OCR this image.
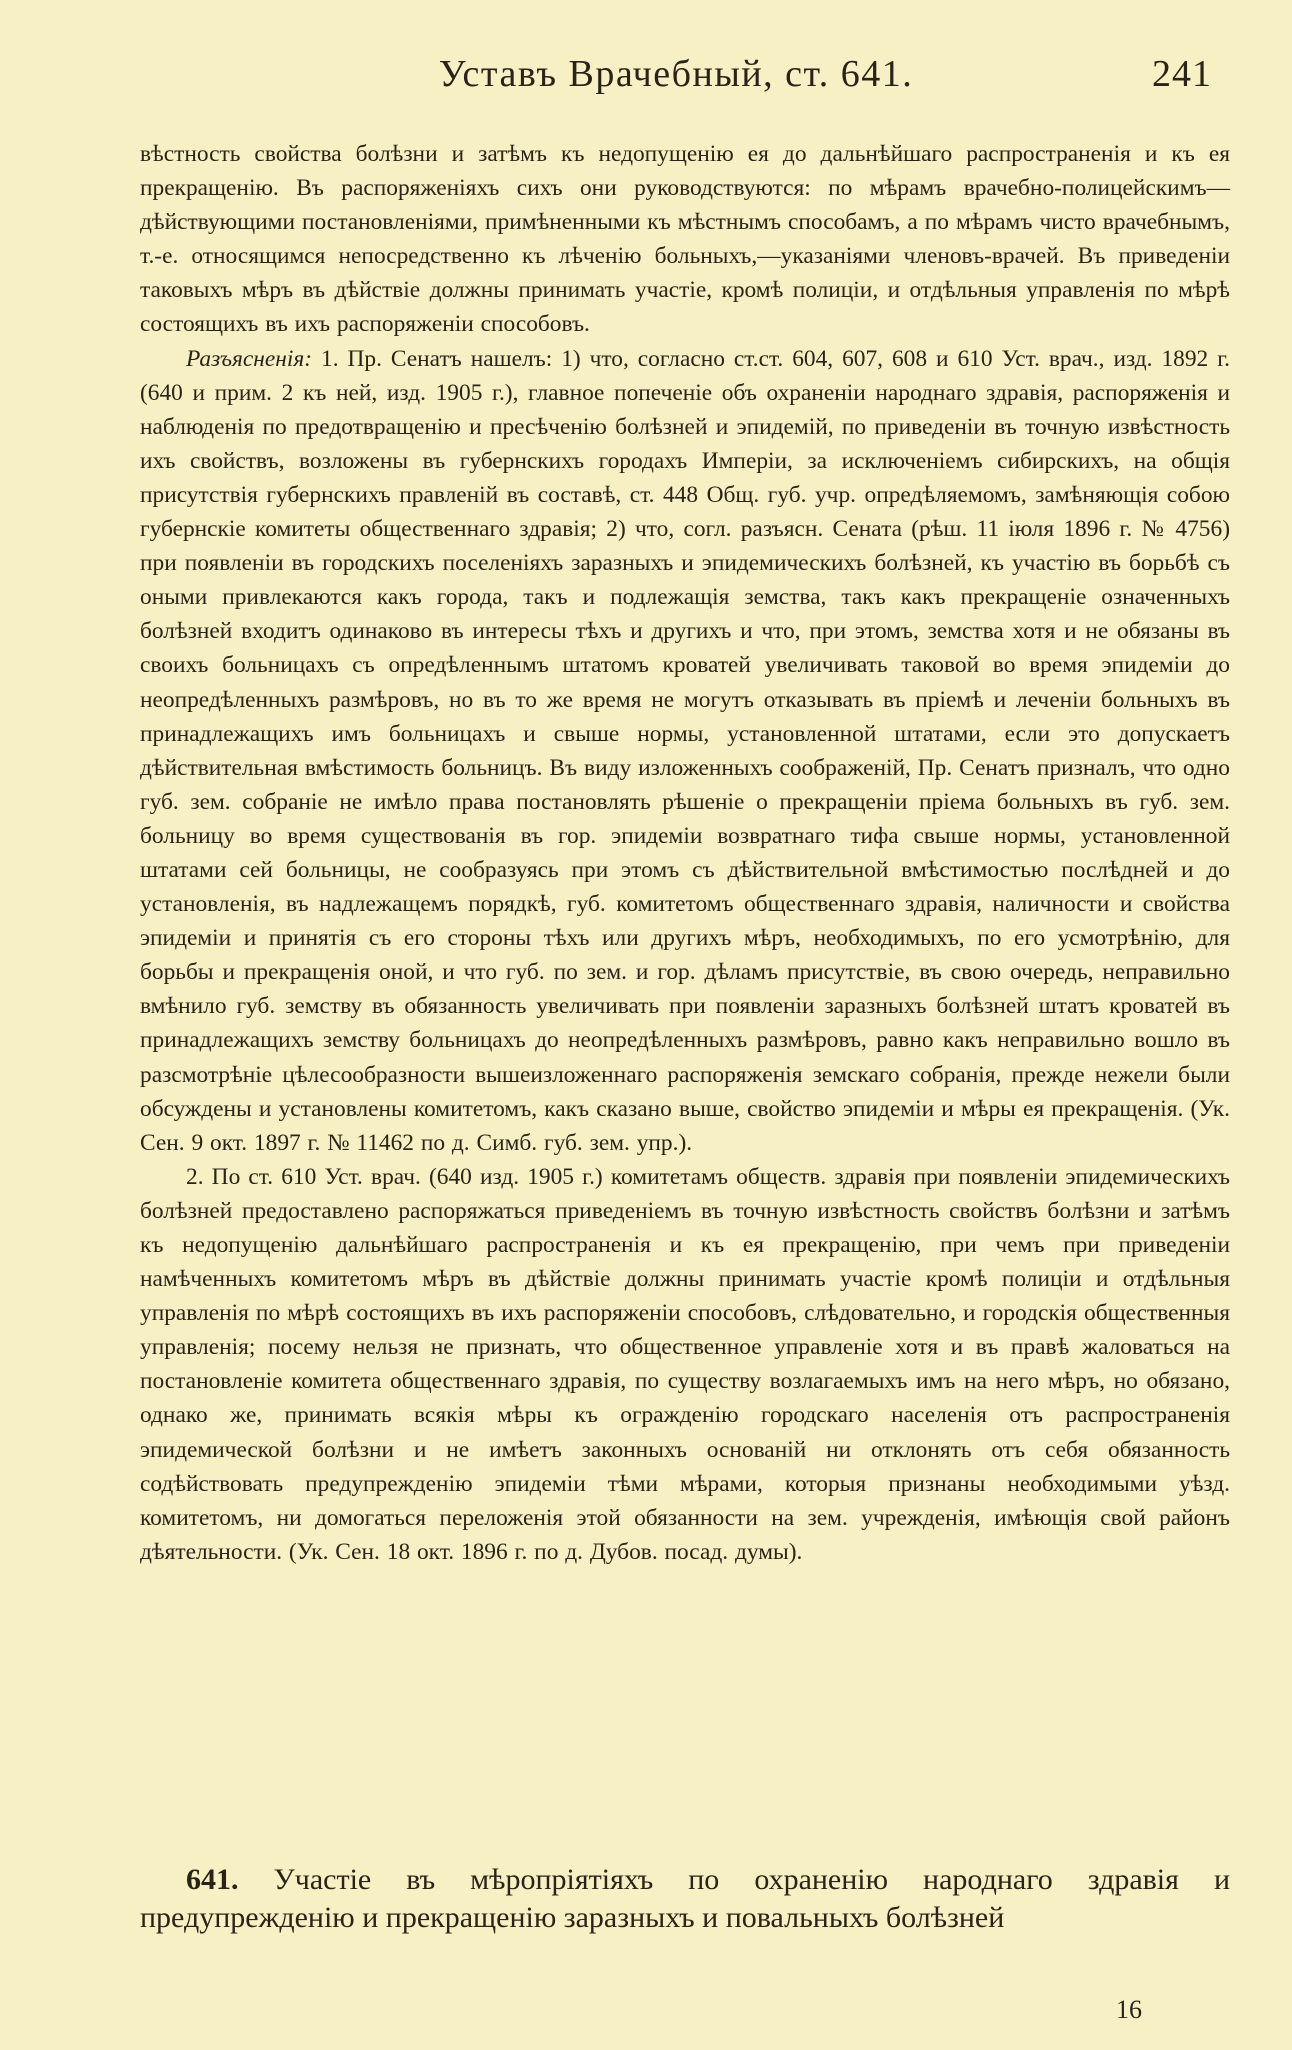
Уставъ Врачебный, ст. 641.	241

вѣстность свойства болѣзни и затѣмъ къ недопущенію ея до дальнѣйшаго распространенія и къ ея прекращенію. Въ распоряженіяхъ сихъ они руководствуются: по мѣрамъ врачебно-полицейскимъ—дѣйствующими постановленіями, примѣненными къ мѣстнымъ способамъ, а по мѣрамъ чисто врачебнымъ, т.-е. относящимся непосредственно къ лѣченію больныхъ,—указаніями членовъ-врачей. Въ приведеніи таковыхъ мѣръ въ дѣйствіе должны принимать участіе, кромѣ полиціи, и отдѣльныя управленія по мѣрѣ состоящихъ въ ихъ распоряженіи способовъ.

Разъясненія: 1. Пр. Сенатъ нашелъ: 1) что, согласно ст.ст. 604, 607, 608 и 610 Уст. врач., изд. 1892 г. (640 и прим. 2 къ ней, изд. 1905 г.), главное попеченіе объ охраненіи народнаго здравія, распоряженія и наблюденія по предотвращенію и пресѣченію болѣзней и эпидемій, по приведеніи въ точную извѣстность ихъ свойствъ, возложены въ губернскихъ городахъ Имперіи, за исключеніемъ сибирскихъ, на общія присутствія губернскихъ правленій въ составѣ, ст. 448 Общ. губ. учр. опредѣляемомъ, замѣняющія собою губернскіе комитеты общественнаго здравія; 2) что, согл. разъясн. Сената (рѣш. 11 іюля 1896 г. № 4756) при появленіи въ городскихъ поселеніяхъ заразныхъ и эпидемическихъ болѣзней, къ участію въ борьбѣ съ оными привлекаются какъ города, такъ и подлежащія земства, такъ какъ прекращеніе означенныхъ болѣзней входитъ одинаково въ интересы тѣхъ и другихъ и что, при этомъ, земства хотя и не обязаны въ своихъ больницахъ съ опредѣленнымъ штатомъ кроватей увеличивать таковой во время эпидеміи до неопредѣленныхъ размѣровъ, но въ то же время не могутъ отказывать въ пріемѣ и леченіи больныхъ въ принадлежащихъ имъ больницахъ и свыше нормы, установленной штатами, если это допускаетъ дѣйствительная вмѣстимость больницъ. Въ виду изложенныхъ соображеній, Пр. Сенатъ призналъ, что одно губ. зем. собраніе не имѣло права постановлять рѣшеніе о прекращеніи пріема больныхъ въ губ. зем. больницу во время существованія въ гор. эпидеміи возвратнаго тифа свыше нормы, установленной штатами сей больницы, не сообразуясь при этомъ съ дѣйствительной вмѣстимостью послѣдней и до установленія, въ надлежащемъ порядкѣ, губ. комитетомъ общественнаго здравія, наличности и свойства эпидеміи и принятія съ его стороны тѣхъ или другихъ мѣръ, необходимыхъ, по его усмотрѣнію, для борьбы и прекращенія оной, и что губ. по зем. и гор. дѣламъ присутствіе, въ свою очередь, неправильно вмѣнило губ. земству въ обязанность увеличивать при появленіи заразныхъ болѣзней штатъ кроватей въ принадлежащихъ земству больницахъ до неопредѣленныхъ размѣровъ, равно какъ неправильно вошло въ разсмотрѣніе цѣлесообразности вышеизложеннаго распоряженія земскаго собранія, прежде нежели были обсуждены и установлены комитетомъ, какъ сказано выше, свойство эпидеміи и мѣры ея прекращенія. (Ук. Сен. 9 окт. 1897 г. № 11462 по д. Симб. губ. зем. упр.).

2. По ст. 610 Уст. врач. (640 изд. 1905 г.) комитетамъ обществ. здравія при появленіи эпидемическихъ болѣзней предоставлено распоряжаться приведеніемъ въ точную извѣстность свойствъ болѣзни и затѣмъ къ недопущенію дальнѣйшаго распространенія и къ ея прекращенію, при чемъ при приведеніи намѣченныхъ комитетомъ мѣръ въ дѣйствіе должны принимать участіе кромѣ полиціи и отдѣльныя управленія по мѣрѣ состоящихъ въ ихъ распоряженіи способовъ, слѣдовательно, и городскія общественныя управленія; посему нельзя не признать, что общественное управленіе хотя и въ правѣ жаловаться на постановленіе комитета общественнаго здравія, по существу возлагаемыхъ имъ на него мѣръ, но обязано, однако же, принимать всякія мѣры къ огражденію городскаго населенія отъ распространенія эпидемической болѣзни и не имѣетъ законныхъ основаній ни отклонять отъ себя обязанность содѣйствовать предупрежденію эпидеміи тѣми мѣрами, которыя признаны необходимыми уѣзд. комитетомъ, ни домогаться переложенія этой обязанности на зем. учрежденія, имѣющія свой районъ дѣятельности. (Ук. Сен. 18 окт. 1896 г. по д. Дубов. посад. думы).

641. Участіе въ мѣропріятіяхъ по охраненію народнаго здравія и предупрежденію и прекращенію заразныхъ и повальныхъ болѣзней

16
